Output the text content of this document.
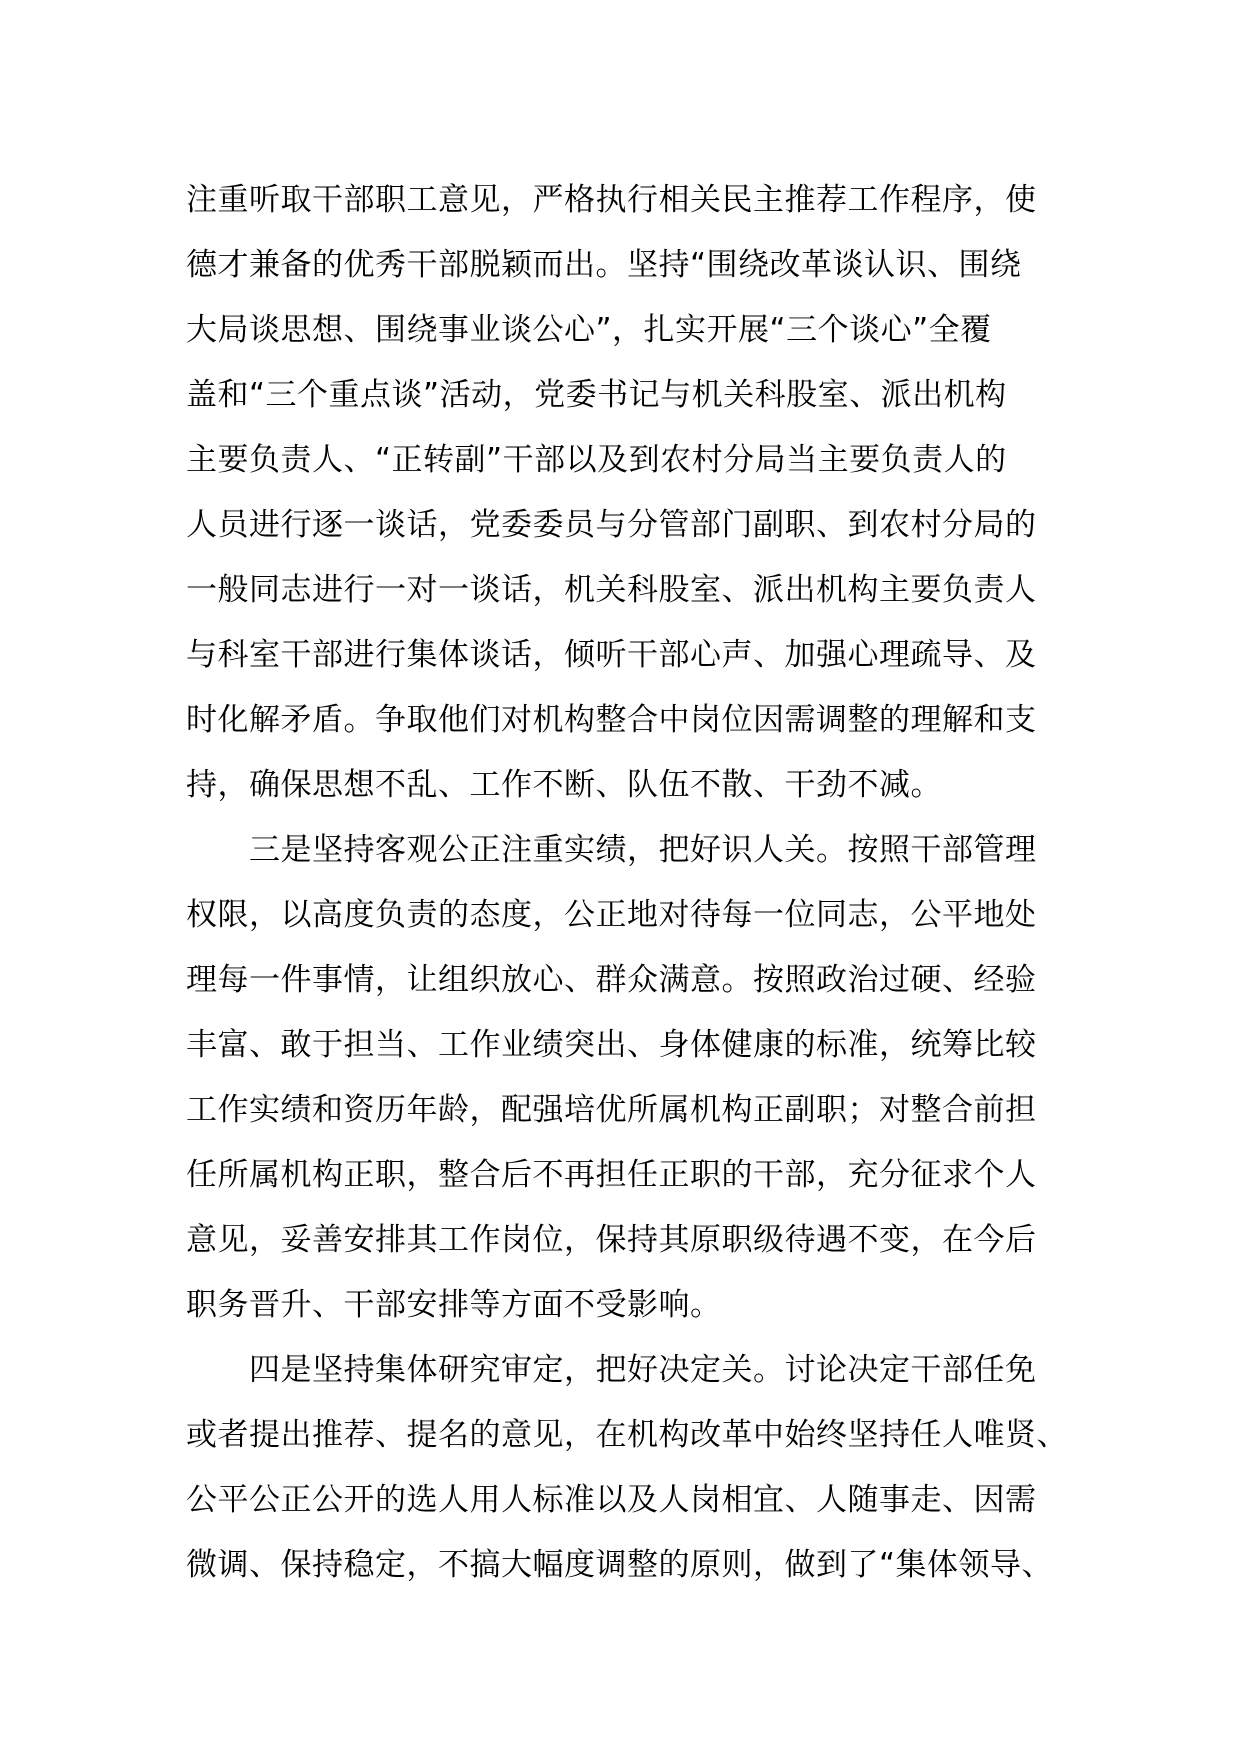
注重听取干部职工意见，严格执行相关民主推荐工作程序，使
德才兼备的优秀干部脱颖而出。坚持“围绕改革谈认识、围绕
大局谈思想、围绕事业谈公心”，扎实开展“三个谈心”全覆
盖和“三个重点谈”活动，党委书记与机关科股室、派出机构
主要负责人、“正转副”干部以及到农村分局当主要负责人的
人员进行逐一谈话，党委委员与分管部门副职、到农村分局的
一般同志进行一对一谈话，机关科股室、派出机构主要负责人
与科室干部进行集体谈话，倾听干部心声、加强心理疏导、及
时化解矛盾。争取他们对机构整合中岗位因需调整的理解和支
持，确保思想不乱、工作不断、队伍不散、干劲不减。
　　三是坚持客观公正注重实绩，把好识人关。按照干部管理
权限，以高度负责的态度，公正地对待每一位同志，公平地处
理每一件事情，让组织放心、群众满意。按照政治过硬、经验
丰富、敢于担当、工作业绩突出、身体健康的标准，统筹比较
工作实绩和资历年龄，配强培优所属机构正副职；对整合前担
任所属机构正职，整合后不再担任正职的干部，充分征求个人
意见，妥善安排其工作岗位，保持其原职级待遇不变，在今后
职务晋升、干部安排等方面不受影响。
　　四是坚持集体研究审定，把好决定关。讨论决定干部任免
或者提出推荐、提名的意见，在机构改革中始终坚持任人唯贤、
公平公正公开的选人用人标准以及人岗相宜、人随事走、因需
微调、保持稳定，不搞大幅度调整的原则，做到了“集体领导、
